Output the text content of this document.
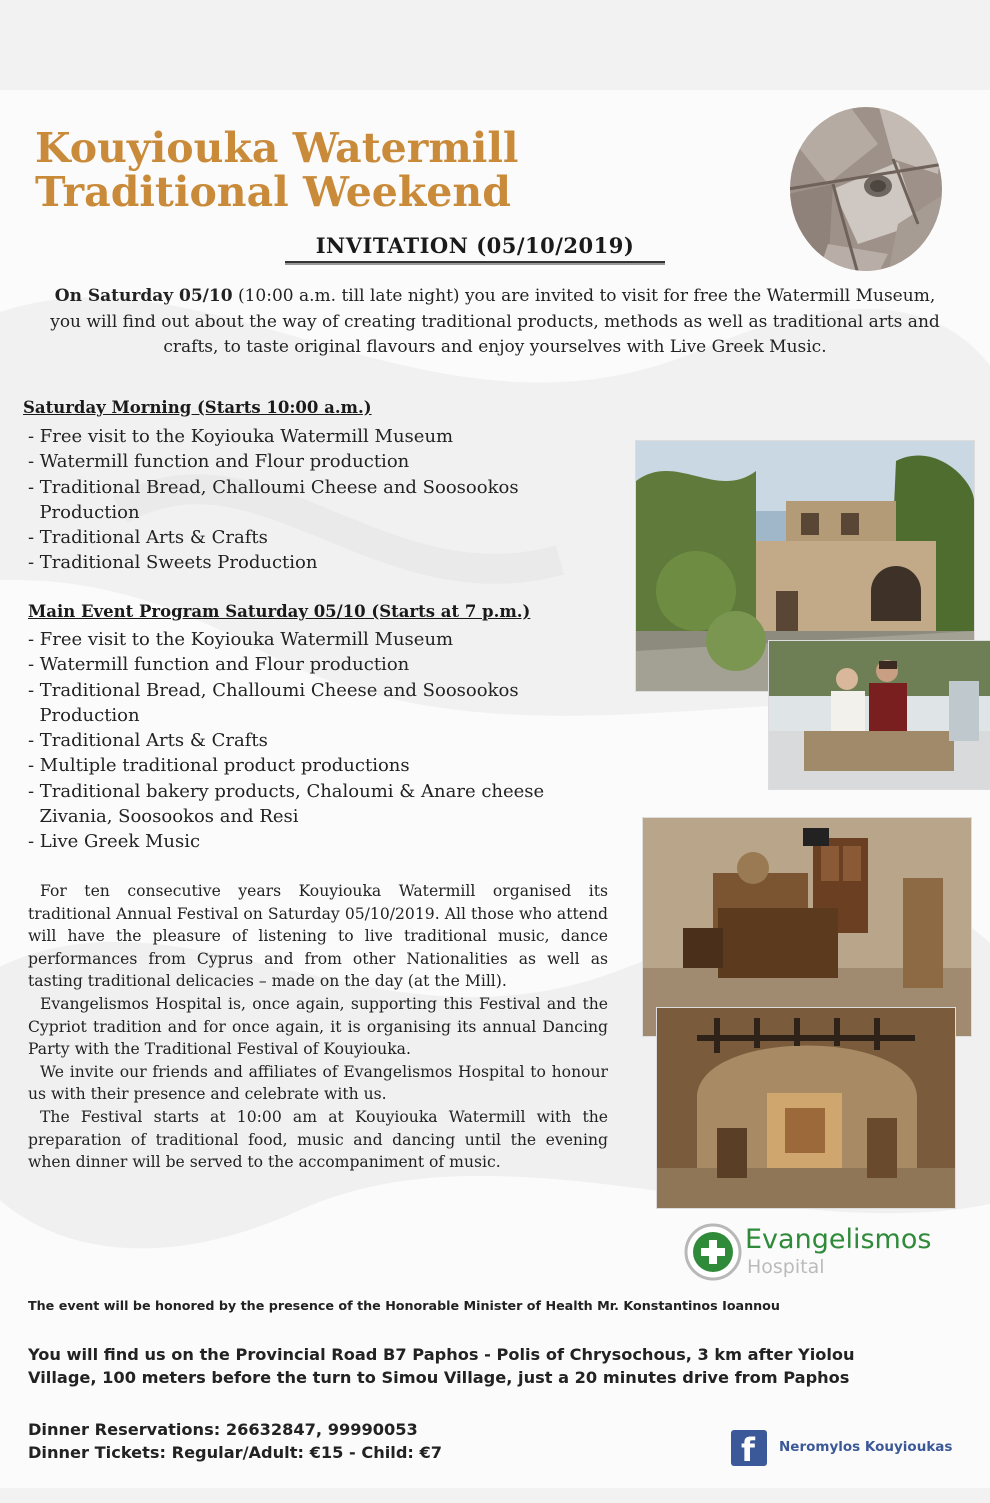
Kouyiouka Watermill
Traditional Weekend
INVITATION (05/10/2019)
On Saturday 05/10 (10:00 a.m. till late night) you are invited to visit for free the Watermill Museum, you will find out about the way of creating traditional products, methods as well as traditional arts and crafts, to taste original flavours and enjoy yourselves with Live Greek Music.
Saturday Morning (Starts 10:00 a.m.)
- Free visit to the Koyiouka Watermill Museum
- Watermill function and Flour production
- Traditional Bread, Challoumi Cheese and Soosookos
Production
- Traditional Arts & Crafts
- Traditional Sweets Production
Main Event Program Saturday 05/10 (Starts at 7 p.m.)
- Free visit to the Koyiouka Watermill Museum
- Watermill function and Flour production
- Traditional Bread, Challoumi Cheese and Soosookos
Production
- Traditional Arts & Crafts
- Multiple traditional product productions
- Traditional bakery products, Chaloumi & Anare cheese
Zivania, Soosookos and Resi
- Live Greek Music

For ten consecutive years Kouyiouka Watermill organised its traditional Annual Festival on Saturday 05/10/2019. All those who attend will have the pleasure of listening to live traditional music, dance performances from Cyprus and from other Nationalities as well as tasting traditional delicacies – made on the day (at the Mill).

Evangelismos Hospital is, once again, supporting this Festival and the Cypriot tradition and for once again, it is organising its annual Dancing Party with the Traditional Festival of Kouyiouka.

We invite our friends and affiliates of Evangelismos Hospital to honour us with their presence and celebrate with us.

The Festival starts at 10:00 am at Kouyiouka Watermill with the preparation of traditional food, music and dancing until the evening when dinner will be served to the accompaniment of music.

Evangelismos
Hospital
The event will be honored by the presence of the Honorable Minister of Health Mr. Konstantinos Ioannou
You will find us on the Provincial Road B7 Paphos - Polis of Chrysochous, 3 km after Yiolou
Village, 100 meters before the turn to Simou Village, just a 20 minutes drive from Paphos
Dinner Reservations: 26632847, 99990053
Dinner Tickets: Regular/Adult: €15 - Child: €7	f Neromylos Kouyioukas
